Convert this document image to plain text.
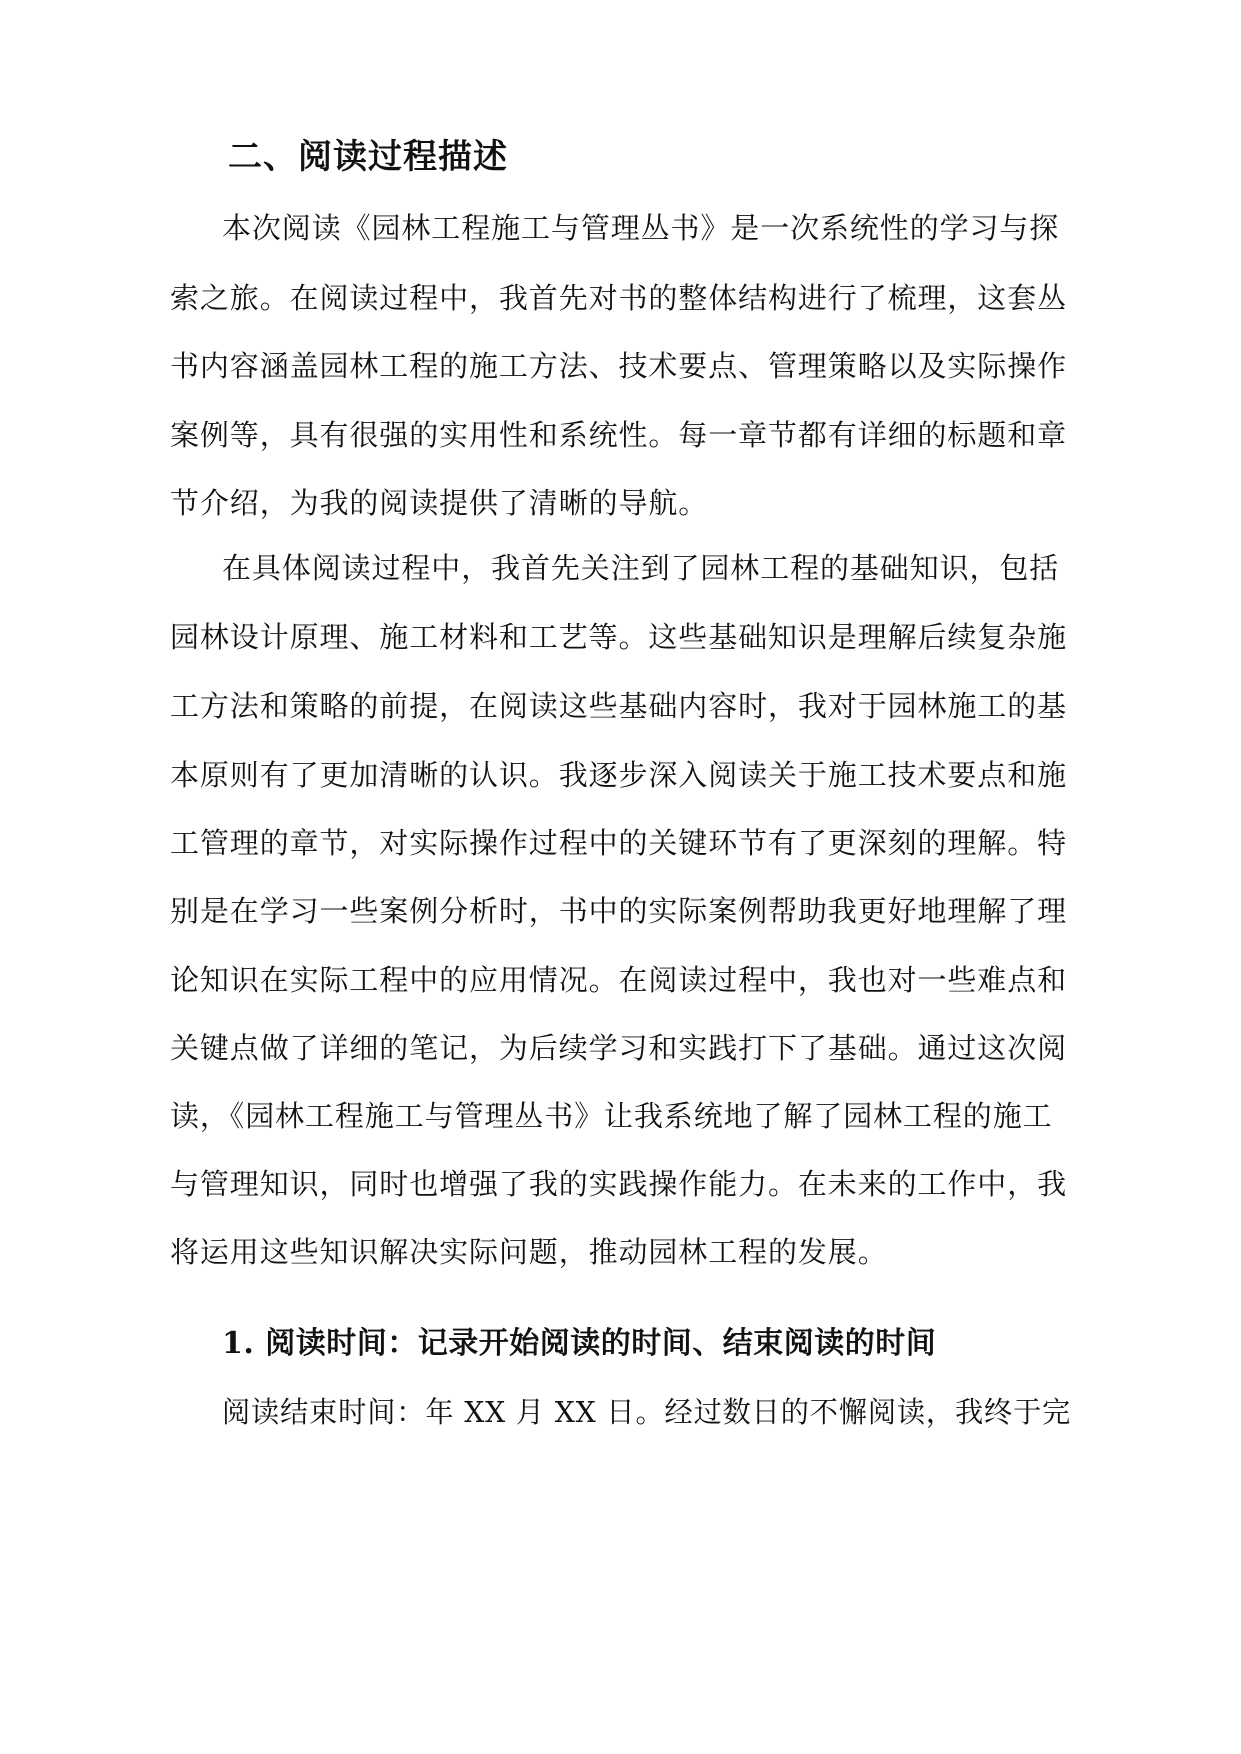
二、阅读过程描述

本次阅读《园林工程施工与管理丛书》是一次系统性的学习与探

索之旅。在阅读过程中，我首先对书的整体结构进行了梳理，这套丛

书内容涵盖园林工程的施工方法、技术要点、管理策略以及实际操作

案例等，具有很强的实用性和系统性。每一章节都有详细的标题和章

节介绍，为我的阅读提供了清晰的导航。

在具体阅读过程中，我首先关注到了园林工程的基础知识，包括

园林设计原理、施工材料和工艺等。这些基础知识是理解后续复杂施

工方法和策略的前提，在阅读这些基础内容时，我对于园林施工的基

本原则有了更加清晰的认识。我逐步深入阅读关于施工技术要点和施

工管理的章节，对实际操作过程中的关键环节有了更深刻的理解。特

别是在学习一些案例分析时，书中的实际案例帮助我更好地理解了理

论知识在实际工程中的应用情况。在阅读过程中，我也对一些难点和

关键点做了详细的笔记，为后续学习和实践打下了基础。通过这次阅

读，《园林工程施工与管理丛书》让我系统地了解了园林工程的施工

与管理知识，同时也增强了我的实践操作能力。在未来的工作中，我

将运用这些知识解决实际问题，推动园林工程的发展。

1. 阅读时间：记录开始阅读的时间、结束阅读的时间

阅读结束时间：年 XX 月 XX 日。经过数日的不懈阅读，我终于完
